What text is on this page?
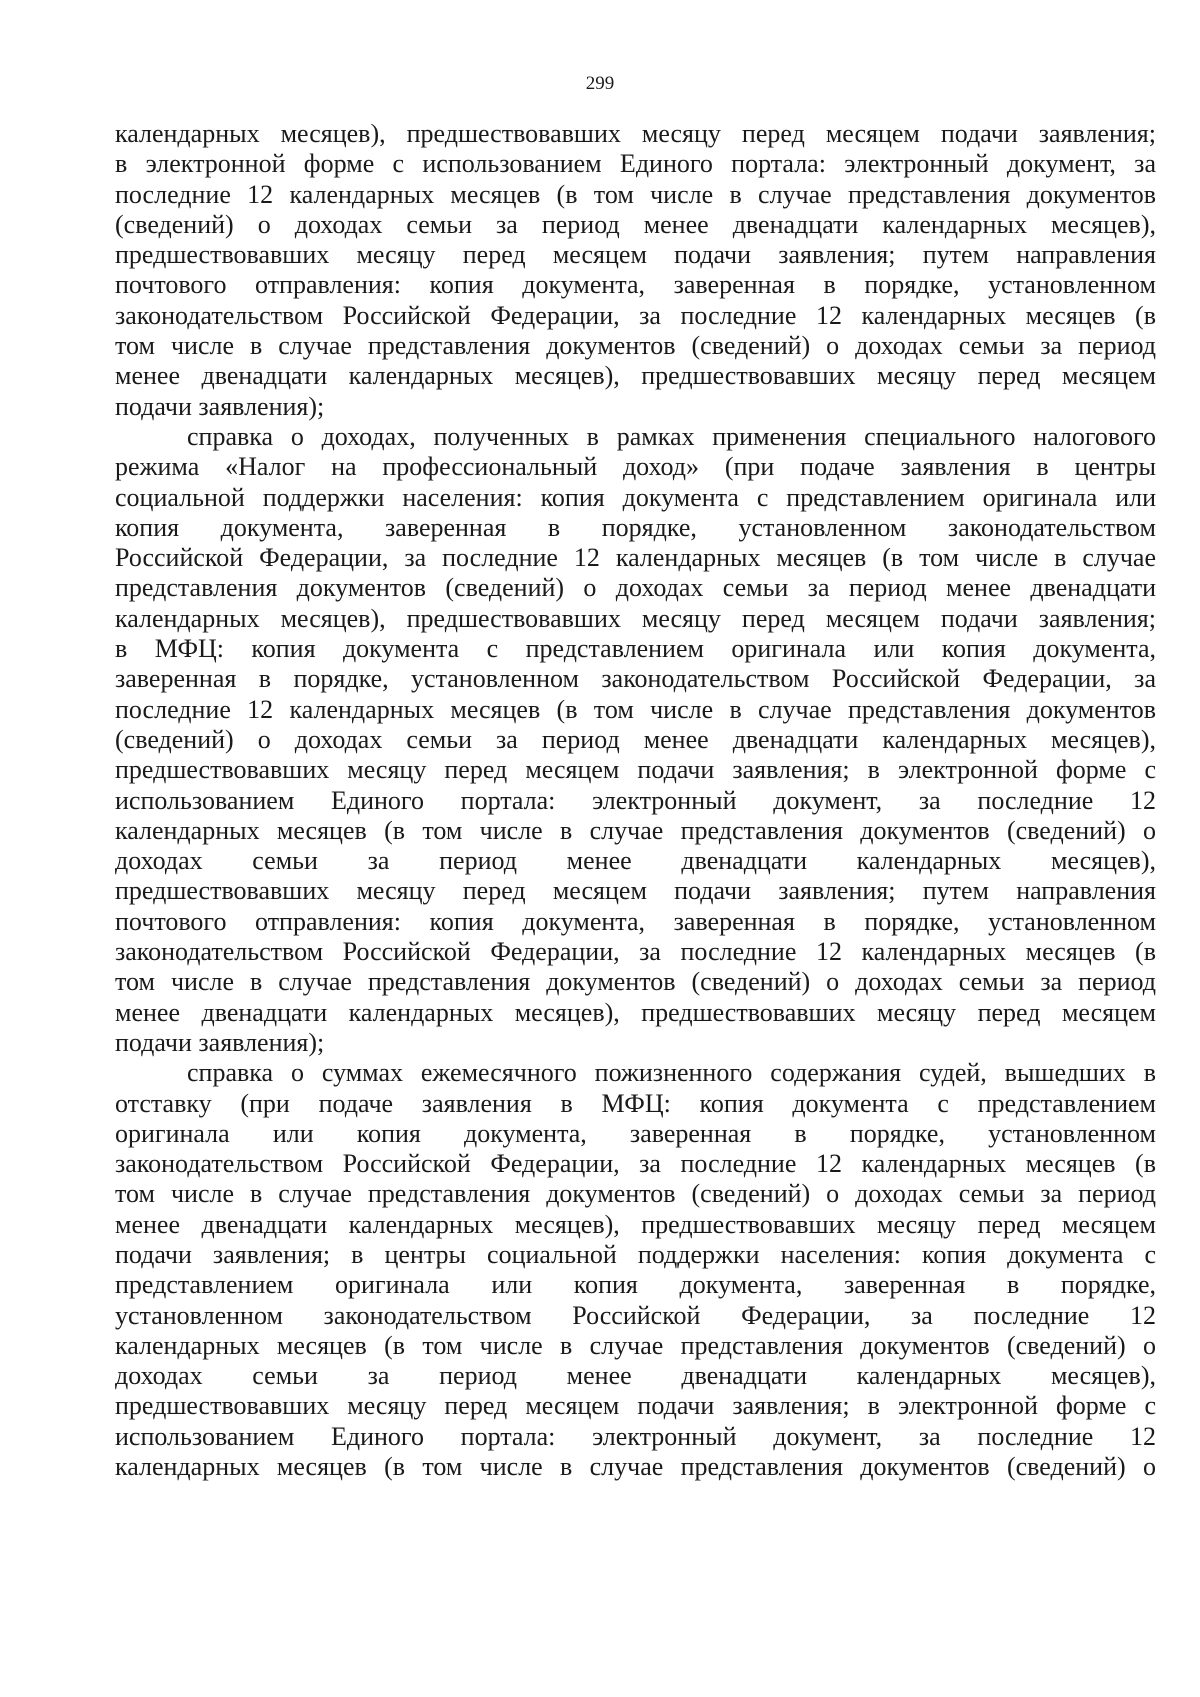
299
календарных месяцев), предшествовавших месяцу перед месяцем подачи заявления;
в электронной форме с использованием Единого портала: электронный документ, за
последние 12 календарных месяцев (в том числе в случае представления документов
(сведений) о доходах семьи за период менее двенадцати календарных месяцев),
предшествовавших месяцу перед месяцем подачи заявления; путем направления
почтового отправления: копия документа, заверенная в порядке, установленном
законодательством Российской Федерации, за последние 12 календарных месяцев (в
том числе в случае представления документов (сведений) о доходах семьи за период
менее двенадцати календарных месяцев), предшествовавших месяцу перед месяцем
подачи заявления);
справка о доходах, полученных в рамках применения специального налогового
режима «Налог на профессиональный доход» (при подаче заявления в центры
социальной поддержки населения: копия документа с представлением оригинала или
копия документа, заверенная в порядке, установленном законодательством
Российской Федерации, за последние 12 календарных месяцев (в том числе в случае
представления документов (сведений) о доходах семьи за период менее двенадцати
календарных месяцев), предшествовавших месяцу перед месяцем подачи заявления;
в МФЦ: копия документа с представлением оригинала или копия документа,
заверенная в порядке, установленном законодательством Российской Федерации, за
последние 12 календарных месяцев (в том числе в случае представления документов
(сведений) о доходах семьи за период менее двенадцати календарных месяцев),
предшествовавших месяцу перед месяцем подачи заявления; в электронной форме с
использованием Единого портала: электронный документ, за последние 12
календарных месяцев (в том числе в случае представления документов (сведений) о
доходах семьи за период менее двенадцати календарных месяцев),
предшествовавших месяцу перед месяцем подачи заявления; путем направления
почтового отправления: копия документа, заверенная в порядке, установленном
законодательством Российской Федерации, за последние 12 календарных месяцев (в
том числе в случае представления документов (сведений) о доходах семьи за период
менее двенадцати календарных месяцев), предшествовавших месяцу перед месяцем
подачи заявления);
справка о суммах ежемесячного пожизненного содержания судей, вышедших в
отставку (при подаче заявления в МФЦ: копия документа с представлением
оригинала или копия документа, заверенная в порядке, установленном
законодательством Российской Федерации, за последние 12 календарных месяцев (в
том числе в случае представления документов (сведений) о доходах семьи за период
менее двенадцати календарных месяцев), предшествовавших месяцу перед месяцем
подачи заявления; в центры социальной поддержки населения: копия документа с
представлением оригинала или копия документа, заверенная в порядке,
установленном законодательством Российской Федерации, за последние 12
календарных месяцев (в том числе в случае представления документов (сведений) о
доходах семьи за период менее двенадцати календарных месяцев),
предшествовавших месяцу перед месяцем подачи заявления; в электронной форме с
использованием Единого портала: электронный документ, за последние 12
календарных месяцев (в том числе в случае представления документов (сведений) о
